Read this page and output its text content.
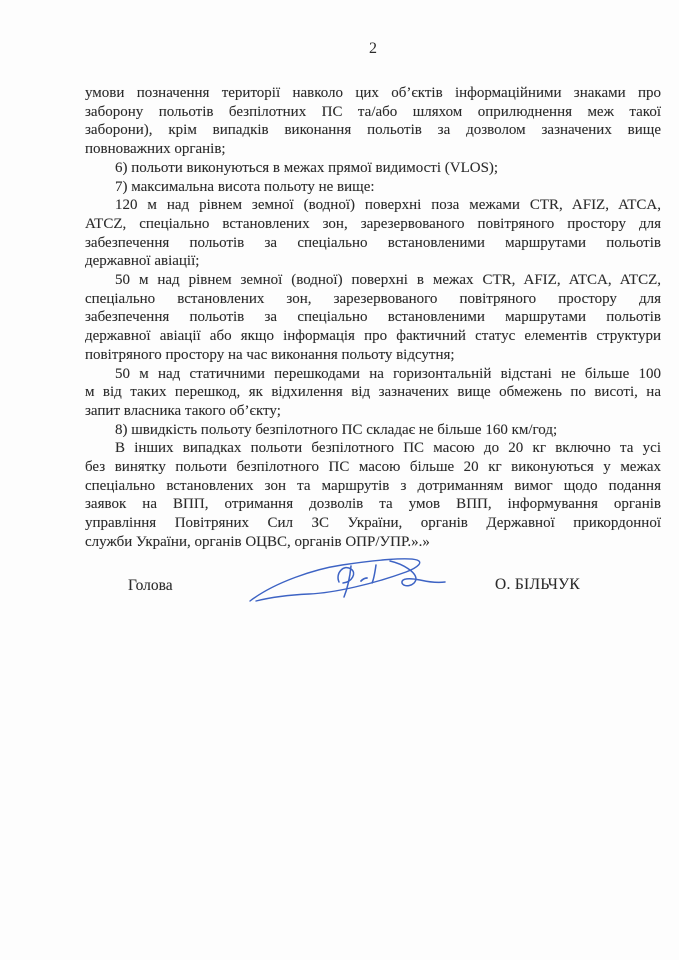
2
умови позначення території навколо цих об’єктів інформаційними знаками про
заборону польотів безпілотних ПС та/або шляхом оприлюднення меж такої
заборони), крім випадків виконання польотів за дозволом зазначених вище
повноважних органів;
6) польоти виконуються в межах прямої видимості (VLOS);
7) максимальна висота польоту не вище:
120 м над рівнем земної (водної) поверхні поза межами CTR, AFIZ, ATCA,
ATCZ, спеціально встановлених зон, зарезервованого повітряного простору для
забезпечення польотів за спеціально встановленими маршрутами польотів
державної авіації;
50 м над рівнем земної (водної) поверхні в межах CTR, AFIZ, ATCA, ATCZ,
спеціально встановлених зон, зарезервованого повітряного простору для
забезпечення польотів за спеціально встановленими маршрутами польотів
державної авіації або якщо інформація про фактичний статус елементів структури
повітряного простору на час виконання польоту відсутня;
50 м над статичними перешкодами на горизонтальній відстані не більше 100
м від таких перешкод, як відхилення від зазначених вище обмежень по висоті, на
запит власника такого об’єкту;
8) швидкість польоту безпілотного ПС складає не більше 160 км/год;
В інших випадках польоти безпілотного ПС масою до 20 кг включно та усі
без винятку польоти безпілотного ПС масою більше 20 кг виконуються у межах
спеціально встановлених зон та маршрутів з дотриманням вимог щодо подання
заявок на ВПП, отримання дозволів та умов ВПП, інформування органів
управління Повітряних Сил ЗС України, органів Державної прикордонної
служби України, органів ОЦВС, органів ОПР/УПР.».»
Голова	О. БІЛЬЧУК
